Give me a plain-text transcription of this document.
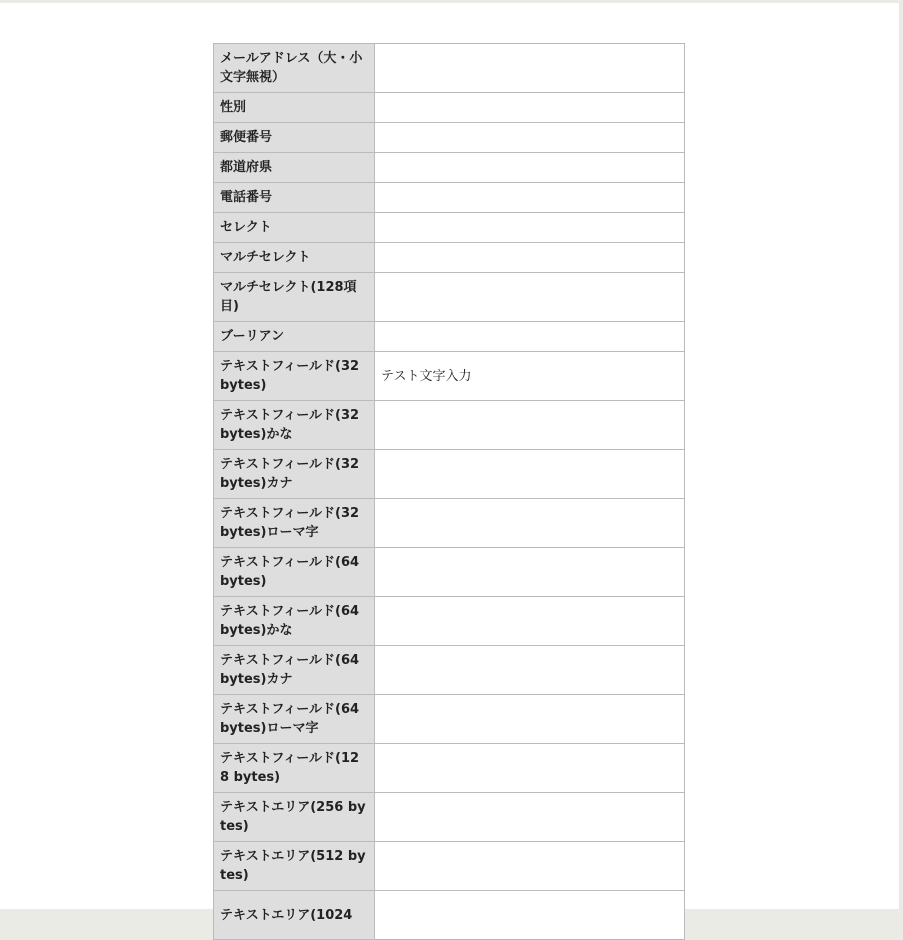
メールアドレス（大・小文字無視）	
性別	
郵便番号	
都道府県	
電話番号	
セレクト	
マルチセレクト	
マルチセレクト(128項目)	
ブーリアン	
テキストフィールド(32 bytes)	テスト文字入力
テキストフィールド(32 bytes)かな	
テキストフィールド(32 bytes)カナ	
テキストフィールド(32 bytes)ローマ字	
テキストフィールド(64 bytes)	
テキストフィールド(64 bytes)かな	
テキストフィールド(64 bytes)カナ	
テキストフィールド(64 bytes)ローマ字	
テキストフィールド(128 bytes)	
テキストエリア(256 bytes)	
テキストエリア(512 bytes)	
テキストエリア(1024	
